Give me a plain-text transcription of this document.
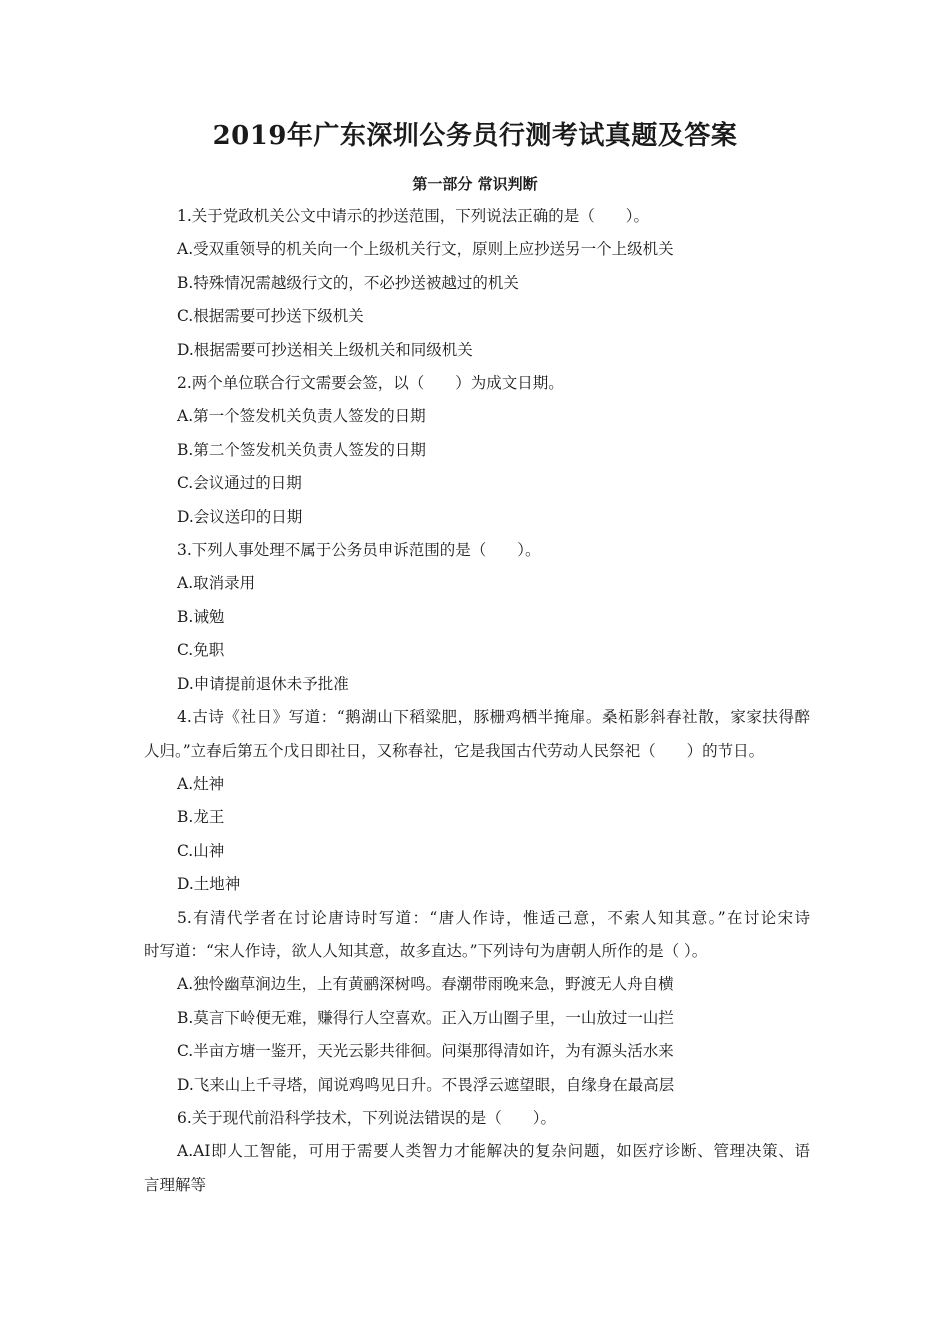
2019年广东深圳公务员行测考试真题及答案
第一部分 常识判断
1.关于党政机关公文中请示的抄送范围，下列说法正确的是（　　）。
A.受双重领导的机关向一个上级机关行文，原则上应抄送另一个上级机关
B.特殊情况需越级行文的，不必抄送被越过的机关
C.根据需要可抄送下级机关
D.根据需要可抄送相关上级机关和同级机关
2.两个单位联合行文需要会签，以（　　）为成文日期。
A.第一个签发机关负责人签发的日期
B.第二个签发机关负责人签发的日期
C.会议通过的日期
D.会议送印的日期
3.下列人事处理不属于公务员申诉范围的是（　　）。
A.取消录用
B.诫勉
C.免职
D.申请提前退休未予批准
4.古诗《社日》写道：“鹅湖山下稻粱肥，豚栅鸡栖半掩扉。桑柘影斜春社散，家家扶得醉
人归。”立春后第五个戊日即社日，又称春社，它是我国古代劳动人民祭祀（　　）的节日。
A.灶神
B.龙王
C.山神
D.土地神
5.有清代学者在讨论唐诗时写道：“唐人作诗，惟适己意，不索人知其意。”在讨论宋诗
时写道：“宋人作诗，欲人人知其意，故多直达。”下列诗句为唐朝人所作的是（ ）。
A.独怜幽草涧边生，上有黄鹂深树鸣。春潮带雨晚来急，野渡无人舟自横
B.莫言下岭便无难，赚得行人空喜欢。正入万山圈子里，一山放过一山拦
C.半亩方塘一鉴开，天光云影共徘徊。问渠那得清如许，为有源头活水来
D.飞来山上千寻塔，闻说鸡鸣见日升。不畏浮云遮望眼，自缘身在最高层
6.关于现代前沿科学技术，下列说法错误的是（　　）。
A.AI即人工智能，可用于需要人类智力才能解决的复杂问题，如医疗诊断、管理决策、语
言理解等
